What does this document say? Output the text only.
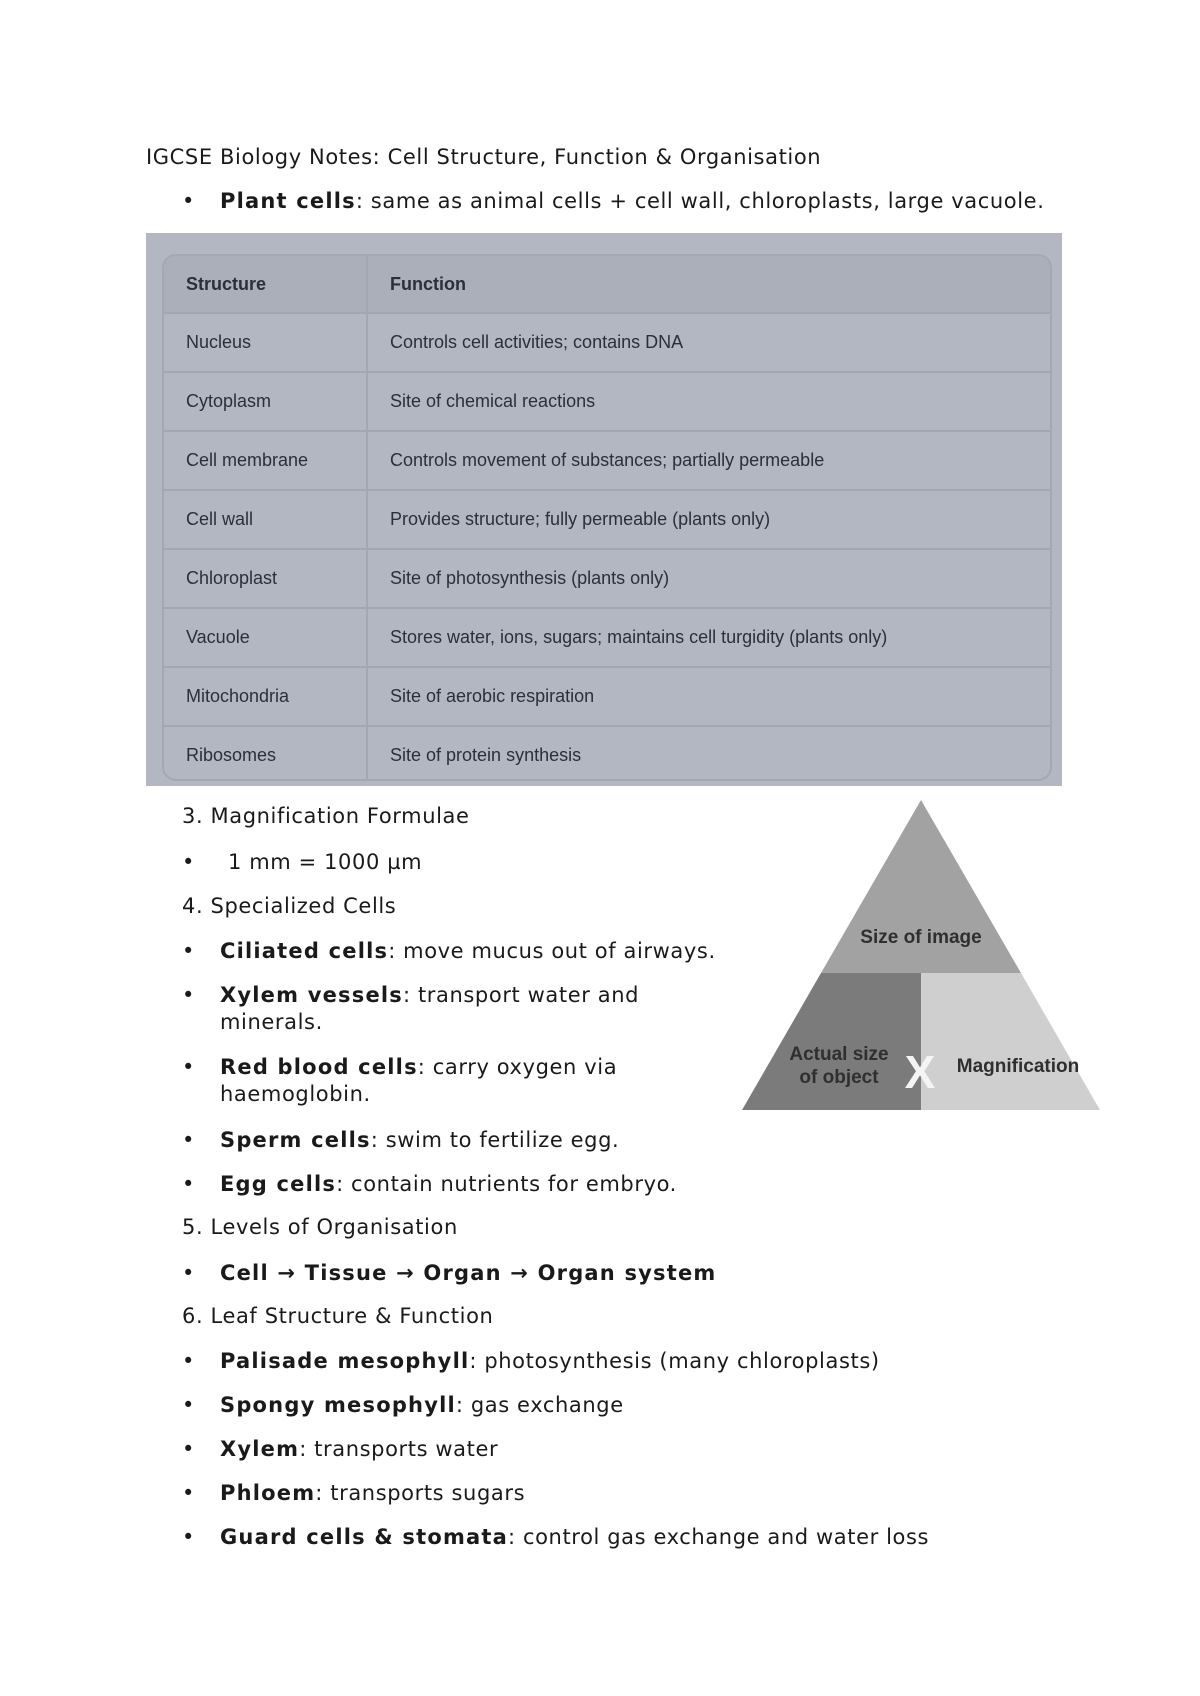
IGCSE Biology Notes: Cell Structure, Function & Organisation
•	Plant cells: same as animal cells + cell wall, chloroplasts, large vacuole.
Structure	Function
Nucleus	Controls cell activities; contains DNA
Cytoplasm	Site of chemical reactions
Cell membrane	Controls movement of substances; partially permeable
Cell wall	Provides structure; fully permeable (plants only)
Chloroplast	Site of photosynthesis (plants only)
Vacuole	Stores water, ions, sugars; maintains cell turgidity (plants only)
Mitochondria	Site of aerobic respiration
Ribosomes	Site of protein synthesis
3. Magnification Formulae
•	1 mm = 1000 µm
Size of image
Actual size
of object X Magnification
4. Specialized Cells
•	Ciliated cells: move mucus out of airways.
•	Xylem vessels: transport water and minerals.
•	Red blood cells: carry oxygen via haemoglobin.
•	Sperm cells: swim to fertilize egg.
•	Egg cells: contain nutrients for embryo.
5. Levels of Organisation
•	Cell → Tissue → Organ → Organ system
6. Leaf Structure & Function
•	Palisade mesophyll: photosynthesis (many chloroplasts)
•	Spongy mesophyll: gas exchange
•	Xylem: transports water
•	Phloem: transports sugars
•	Guard cells & stomata: control gas exchange and water loss
